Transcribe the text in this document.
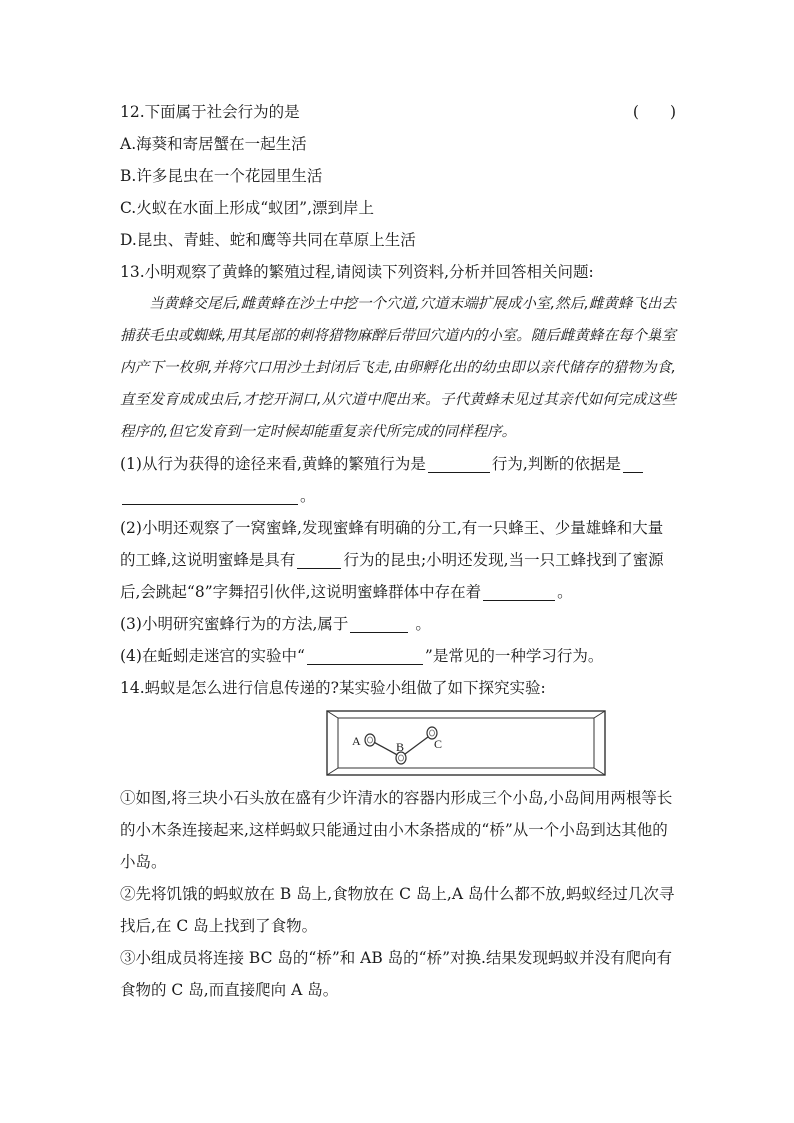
12.下面属于社会行为的是	(　　)
A.海葵和寄居蟹在一起生活
B.许多昆虫在一个花园里生活
C.火蚁在水面上形成“蚁团”,漂到岸上
D.昆虫、青蛙、蛇和鹰等共同在草原上生活
13.小明观察了黄蜂的繁殖过程,请阅读下列资料,分析并回答相关问题:

当黄蜂交尾后,雌黄蜂在沙土中挖一个穴道,穴道末端扩展成小室,然后,雌黄蜂飞出去捕获毛虫或蜘蛛,用其尾部的刺将猎物麻醉后带回穴道内的小室。随后雌黄蜂在每个巢室内产下一枚卵,并将穴口用沙土封闭后飞走,由卵孵化出的幼虫即以亲代储存的猎物为食,直至发育成成虫后,才挖开洞口,从穴道中爬出来。子代黄蜂未见过其亲代如何完成这些程序的,但它发育到一定时候却能重复亲代所完成的同样程序。

(1)从行为获得的途径来看,黄蜂的繁殖行为是	行为,判断的依据是
。
(2)小明还观察了一窝蜜蜂,发现蜜蜂有明确的分工,有一只蜂王、少量雄蜂和大量的工蜂,这说明蜜蜂是具有	行为的昆虫;小明还发现,当一只工蜂找到了蜜源后,会跳起“8”字舞招引伙伴,这说明蜜蜂群体中存在着	。
(3)小明研究蜜蜂行为的方法,属于	。
(4)在蚯蚓走迷宫的实验中“	”是常见的一种学习行为。
14.蚂蚁是怎么进行信息传递的?某实验小组做了如下探究实验:
A	B C
①如图,将三块小石头放在盛有少许清水的容器内形成三个小岛,小岛间用两根等长的小木条连接起来,这样蚂蚁只能通过由小木条搭成的“桥”从一个小岛到达其他的小岛。
②先将饥饿的蚂蚁放在 B 岛上,食物放在 C 岛上,A 岛什么都不放,蚂蚁经过几次寻找后,在 C 岛上找到了食物。
③小组成员将连接 BC 岛的“桥”和 AB 岛的“桥”对换.结果发现蚂蚁并没有爬向有食物的 C 岛,而直接爬向 A 岛。
